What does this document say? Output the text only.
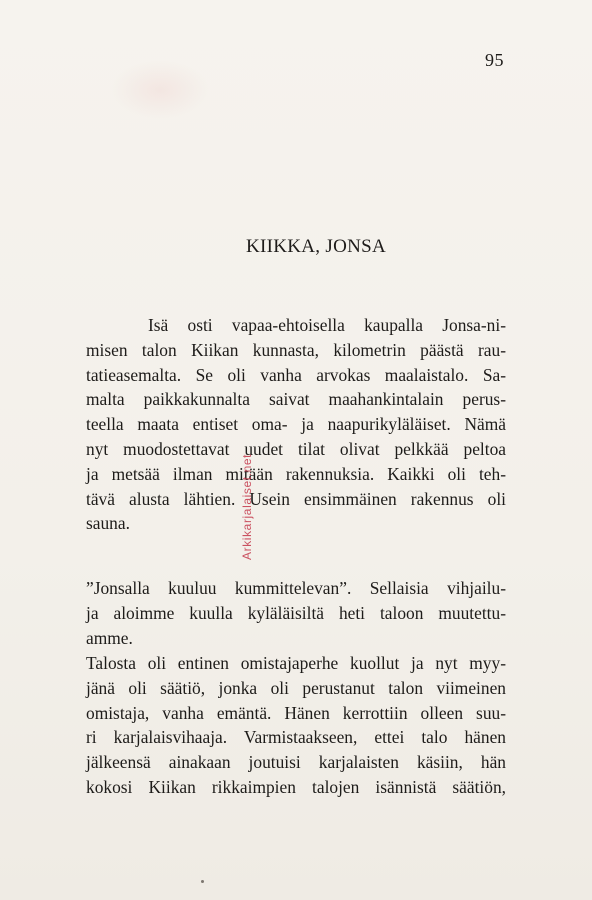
95
KIIKKA, JONSA
Isä osti vapaa-ehtoisella kaupalla Jonsa-ni-
misen talon Kiikan kunnasta, kilometrin päästä rau-
tatieasemalta. Se oli vanha arvokas maalaistalo. Sa-
malta paikkakunnalta saivat maahankintalain perus-
teella maata entiset oma- ja naapurikyläläiset. Nämä
nyt muodostettavat uudet tilat olivat pelkkää peltoa
ja metsää ilman mitään rakennuksia. Kaikki oli teh-
tävä alusta lähtien. Usein ensimmäinen rakennus oli
sauna.
”Jonsalla kuuluu kummittelevan”. Sellaisia vihjailu-
ja aloimme kuulla kyläläisiltä heti taloon muutettu-
amme.
Talosta oli entinen omistajaperhe kuollut ja nyt myy-
jänä oli säätiö, jonka oli perustanut talon viimeinen
omistaja, vanha emäntä. Hänen kerrottiin olleen suu-
ri karjalaisvihaaja. Varmistaakseen, ettei talo hänen
jälkeensä ainakaan joutuisi karjalaisten käsiin, hän
kokosi Kiikan rikkaimpien talojen isännistä säätiön,
Arkikarjalaiset.net
